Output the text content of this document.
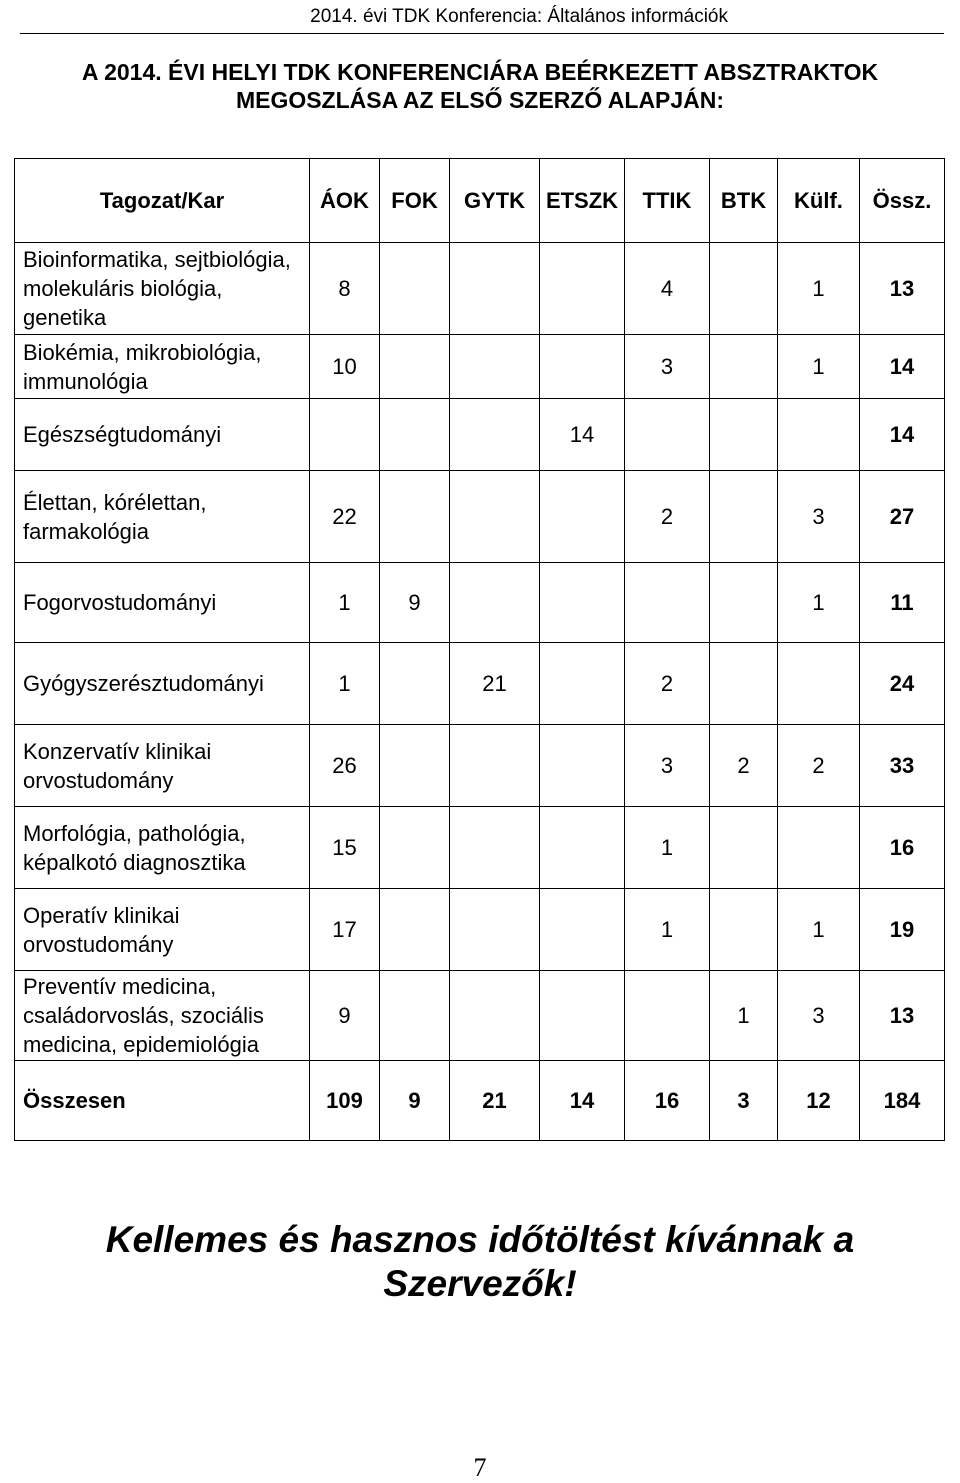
2014. évi TDK Konferencia: Általános információk
A 2014. ÉVI HELYI TDK KONFERENCIÁRA BEÉRKEZETT ABSZTRAKTOK
MEGOSZLÁSA AZ ELSŐ SZERZŐ ALAPJÁN:
Tagozat/Kar	ÁOK	FOK	GYTK	ETSZK	TTIK	BTK	Külf.	Össz.
Bioinformatika, sejtbiológia, molekuláris biológia, genetika	8				4		1	13
Biokémia, mikrobiológia, immunológia	10				3		1	14
Egészségtudományi				14				14
Élettan, kórélettan, farmakológia	22				2		3	27
Fogorvostudományi	1	9					1	11
Gyógyszerésztudományi	1		21		2			24
Konzervatív klinikai orvostudomány	26				3	2	2	33
Morfológia, pathológia, képalkotó diagnosztika	15				1			16
Operatív klinikai orvostudomány	17				1		1	19
Preventív medicina, családorvoslás, szociális medicina, epidemiológia	9					1	3	13
Összesen	109	9	21	14	16	3	12	184
Kellemes és hasznos időtöltést kívánnak a
Szervezők!
7
